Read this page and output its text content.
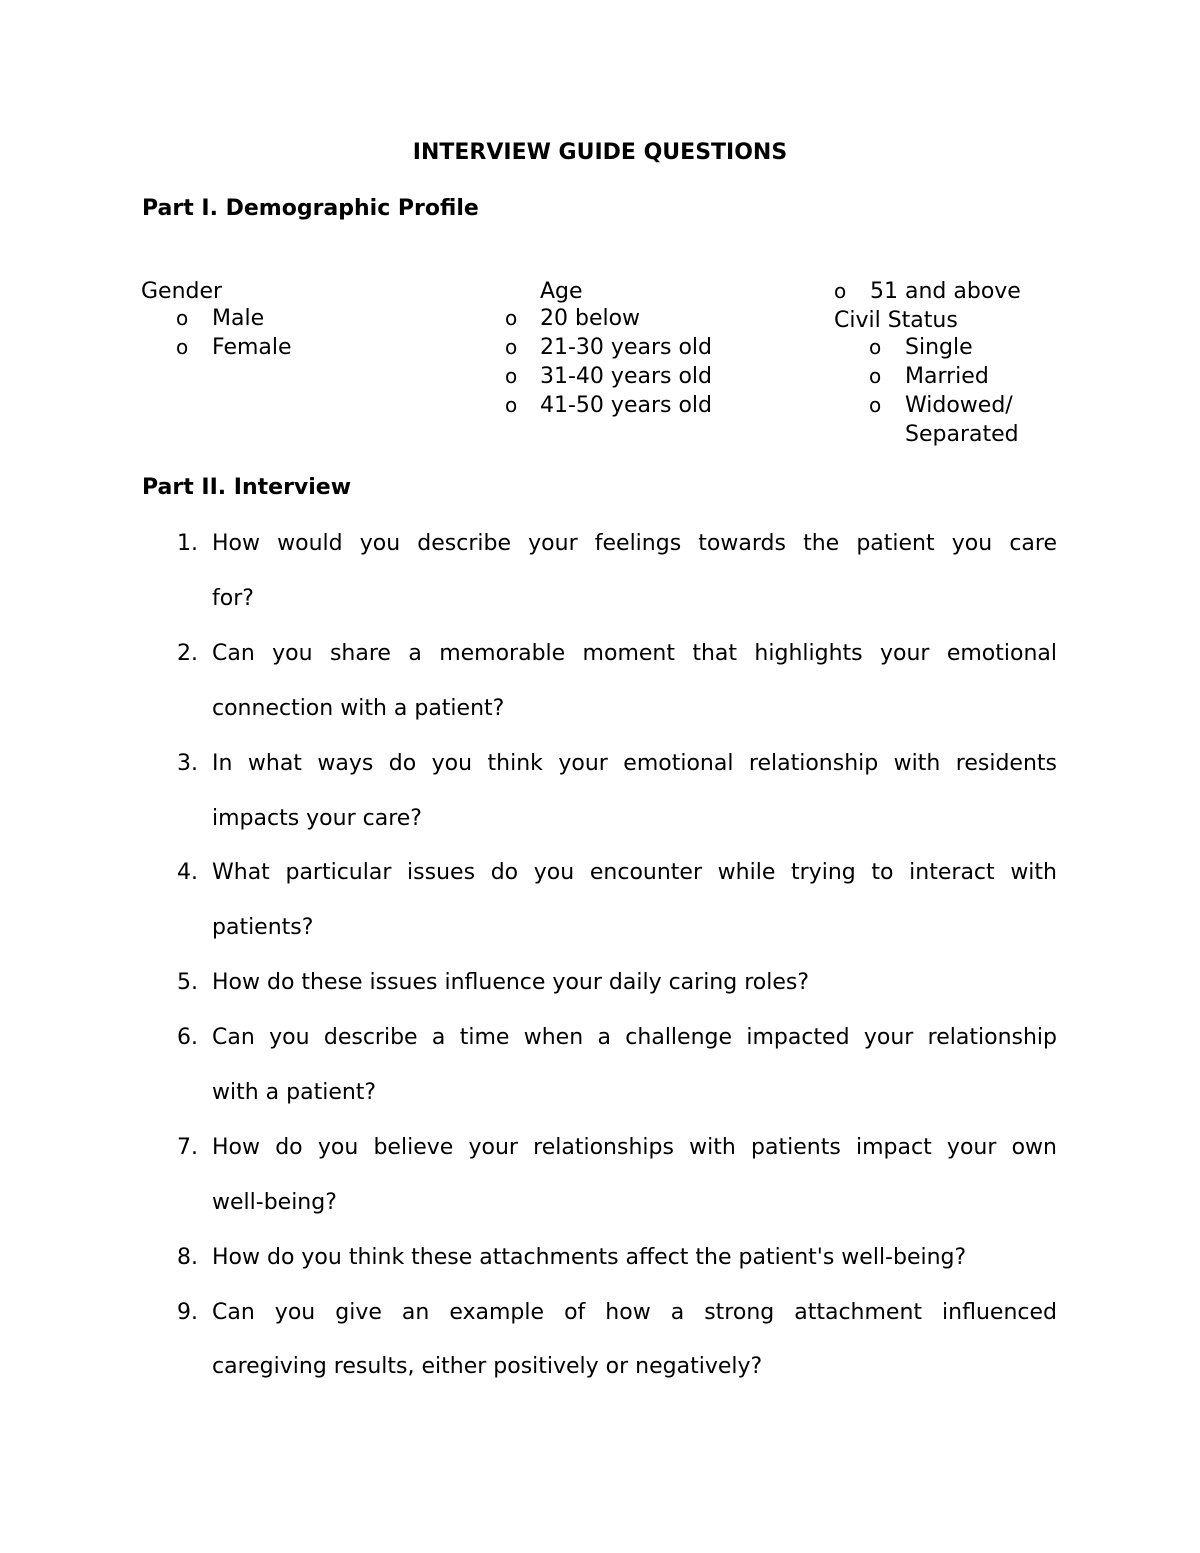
INTERVIEW GUIDE QUESTIONS
Part I. Demographic Profile
Gender
o Male
o Female
Age
o 20 below
o 21-30 years old
o 31-40 years old
o 41-50 years old
o 51 and above
Civil Status
o Single
o Married
o Widowed/
Separated
Part II. Interview
1. How would you describe your feelings towards the patient you care
for?
2. Can you share a memorable moment that highlights your emotional
connection with a patient?
3. In what ways do you think your emotional relationship with residents
impacts your care?
4. What particular issues do you encounter while trying to interact with
patients?
5. How do these issues influence your daily caring roles?
6. Can you describe a time when a challenge impacted your relationship
with a patient?
7. How do you believe your relationships with patients impact your own
well-being?
8. How do you think these attachments affect the patient's well-being?
9. Can you give an example of how a strong attachment influenced
caregiving results, either positively or negatively?
